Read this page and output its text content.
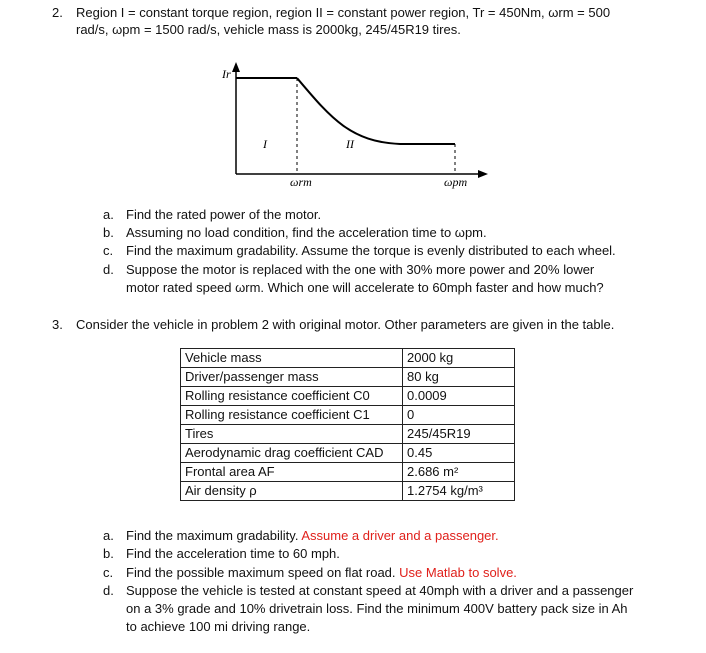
2. Region I = constant torque region, region II = constant power region, Tr = 450Nm, ωrm = 500
rad/s, ωpm = 1500 rad/s, vehicle mass is 2000kg, 245/45R19 tires.
Ir
I	II
ωrm	ωpm
a. Find the rated power of the motor.
b. Assuming no load condition, find the acceleration time to ωpm.
c. Find the maximum gradability. Assume the torque is evenly distributed to each wheel.
d. Suppose the motor is replaced with the one with 30% more power and 20% lower
motor rated speed ωrm. Which one will accelerate to 60mph faster and how much?
3. Consider the vehicle in problem 2 with original motor. Other parameters are given in the table.
Vehicle mass	2000 kg
Driver/passenger mass	80 kg
Rolling resistance coefficient C0	0.0009
Rolling resistance coefficient C1	0
Tires	245/45R19
Aerodynamic drag coefficient CAD	0.45
Frontal area AF	2.686 m²
Air density ρ	1.2754 kg/m³
a. Find the maximum gradability. Assume a driver and a passenger.
b. Find the acceleration time to 60 mph.
c. Find the possible maximum speed on flat road. Use Matlab to solve.
d. Suppose the vehicle is tested at constant speed at 40mph with a driver and a passenger
on a 3% grade and 10% drivetrain loss. Find the minimum 400V battery pack size in Ah
to achieve 100 mi driving range.
